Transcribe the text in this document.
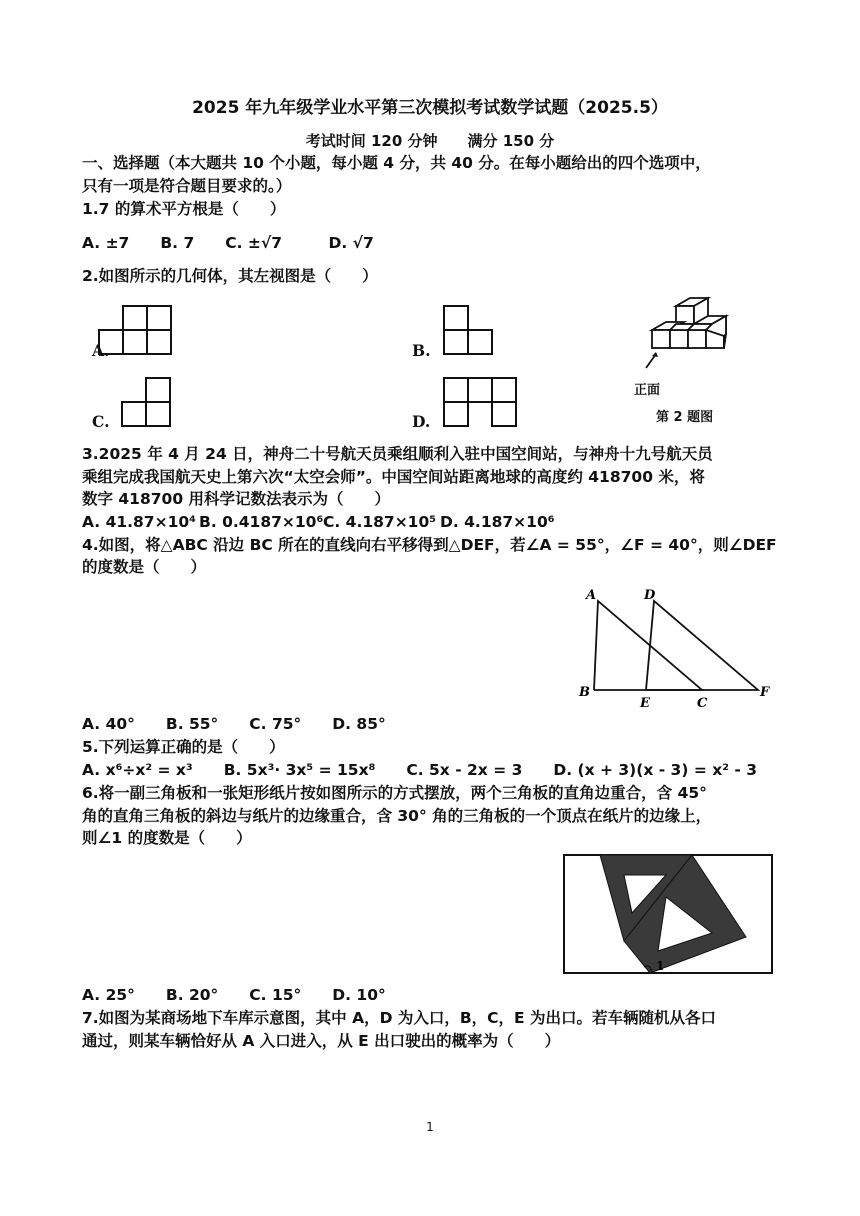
2025 年九年级学业水平第三次模拟考试数学试题（2025.5）
考试时间 120 分钟　　满分 150 分
一、选择题（本大题共 10 个小题，每小题 4 分，共 40 分。在每小题给出的四个选项中，
只有一项是符合题目要求的。）
1.7 的算术平方根是（　　）
A. ±7　　B. 7　　C. ±√7　　　D. √7
2.如图所示的几何体，其左视图是（　　）
A.	B.
C.	D.
正面
第 2 题图
3.2025 年 4 月 24 日，神舟二十号航天员乘组顺利入驻中国空间站，与神舟十九号航天员
乘组完成我国航天史上第六次“太空会师”。中国空间站距离地球的高度约 418700 米，将
数字 418700 用科学记数法表示为（　　）
A. 41.87×10⁴ B. 0.4187×10⁶ C. 4.187×10⁵ D. 4.187×10⁶
4.如图，将△ABC 沿边 BC 所在的直线向右平移得到△DEF，若∠A = 55°，∠F = 40°，则∠DEF
的度数是（　　）
A	D
B
E	C
F
A. 40°　　B. 55°　　C. 75°　　D. 85°
5.下列运算正确的是（　　）
A. x⁶÷x² = x³　　B. 5x³· 3x⁵ = 15x⁸　　C. 5x - 2x = 3　　D. (x + 3)(x - 3) = x² - 3
6.将一副三角板和一张矩形纸片按如图所示的方式摆放，两个三角板的直角边重合，含 45°
角的直角三角板的斜边与纸片的边缘重合，含 30° 角的三角板的一个顶点在纸片的边缘上，
则∠1 的度数是（　　）
1
A. 25°　　B. 20°　　C. 15°　　D. 10°
7.如图为某商场地下车库示意图，其中 A，D 为入口，B，C，E 为出口。若车辆随机从各口
通过，则某车辆恰好从 A 入口进入，从 E 出口驶出的概率为（　　）
1
